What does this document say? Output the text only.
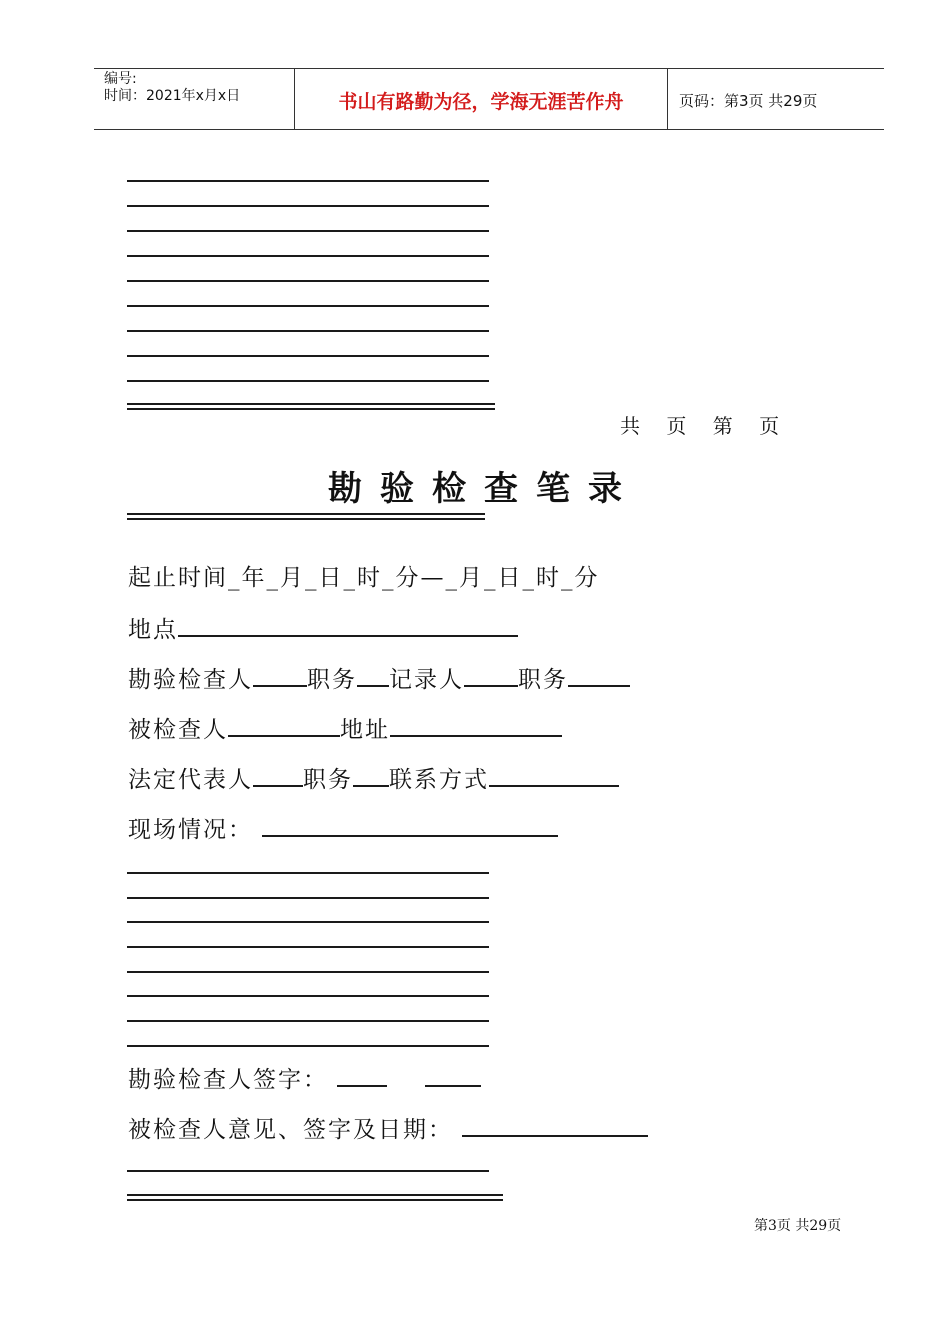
编号:
时间：2021年x月x日	书山有路勤为径，学海无涯苦作舟	页码：第3页 共29页
共 页 第 页
勘验检查笔录
起止时间_年_月_日_时_分—_月_日_时_分
地点
勘验检查人 职务 记录人 职务
被检查人	地址
法定代表人 职务 联系方式
现场情况：
勘验检查人签字：
被检查人意见、签字及日期：
第3页 共29页
